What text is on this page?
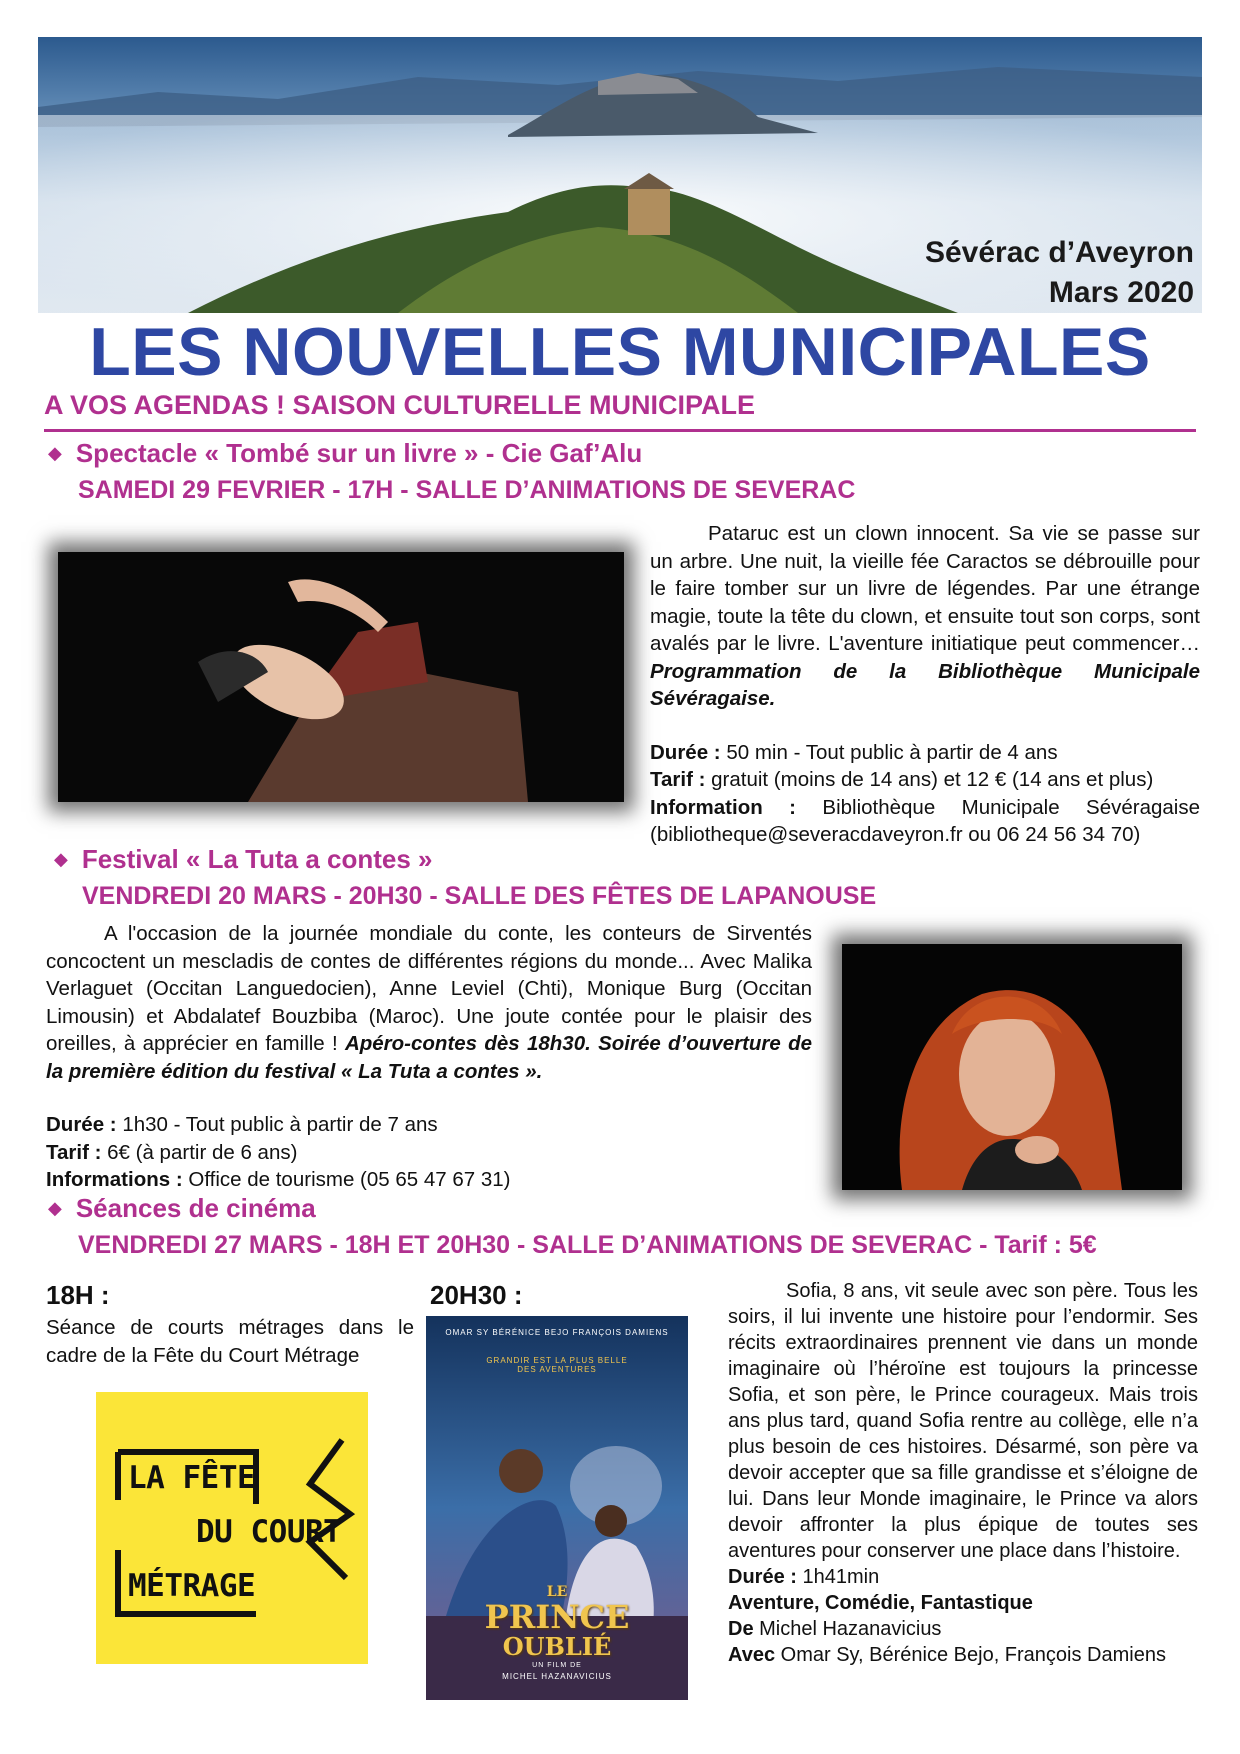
Sévérac d’Aveyron
Mars 2020
LES NOUVELLES MUNICIPALES
A VOS AGENDAS ! SAISON CULTURELLE MUNICIPALE
◆ Spectacle « Tombé sur un livre » - Cie Gaf’Alu
SAMEDI 29 FEVRIER - 17H - SALLE D’ANIMATIONS DE SEVERAC

Pataruc est un clown innocent. Sa vie se passe sur un arbre. Une nuit, la vieille fée Caractos se débrouille pour le faire tomber sur un livre de légendes. Par une étrange magie, toute la tête du clown, et ensuite tout son corps, sont avalés par le livre. L'aventure initiatique peut commencer… Programmation de la Bibliothèque Municipale Sévéragaise.

Durée : 50 min - Tout public à partir de 4 ans

Tarif : gratuit (moins de 14 ans) et 12 € (14 ans et plus)

Information : Bibliothèque Municipale Sévéragaise (bibliotheque@severacdaveyron.fr ou 06 24 56 34 70)

◆ Festival « La Tuta a contes »
VENDREDI 20 MARS - 20H30 - SALLE DES FÊTES DE LAPANOUSE

A l'occasion de la journée mondiale du conte, les conteurs de Sirventés concoctent un mescladis de contes de différentes régions du monde... Avec Malika Verlaguet (Occitan Languedocien), Anne Leviel (Chti), Monique Burg (Occitan Limousin) et Abdalatef Bouzbiba (Maroc). Une joute contée pour le plaisir des oreilles, à apprécier en famille ! Apéro-contes dès 18h30. Soirée d’ouverture de la première édition du festival « La Tuta a contes ».

Durée : 1h30 - Tout public à partir de 7 ans

Tarif : 6€ (à partir de 6 ans)

Informations : Office de tourisme (05 65 47 67 31)

◆ Séances de cinéma
VENDREDI 27 MARS - 18H ET 20H30 - SALLE D’ANIMATIONS DE SEVERAC - Tarif : 5€
18H :
Séance de courts métrages dans le cadre de la Fête du Court Métrage
LA FÊTE
DU COURT
MÉTRAGE
20H30 :
OMAR SY BÉRÉNICE BEJO FRANÇOIS DAMIENS
GRANDIR EST LA PLUS BELLE DES AVENTURES
LE
PRINCE
OUBLIÉ
UN FILM DE
MICHEL HAZANAVICIUS

Sofia, 8 ans, vit seule avec son père. Tous les soirs, il lui invente une histoire pour l’endormir. Ses récits extraordinaires prennent vie dans un monde imaginaire où l’héroïne est toujours la princesse Sofia, et son père, le Prince courageux. Mais trois ans plus tard, quand Sofia rentre au collège, elle n’a plus besoin de ces histoires. Désarmé, son père va devoir accepter que sa fille grandisse et s’éloigne de lui. Dans leur Monde imaginaire, le Prince va alors devoir affronter la plus épique de toutes ses aventures pour conserver une place dans l’histoire.

Durée : 1h41min

Aventure, Comédie, Fantastique

De Michel Hazanavicius

Avec Omar Sy, Bérénice Bejo, François Damiens
